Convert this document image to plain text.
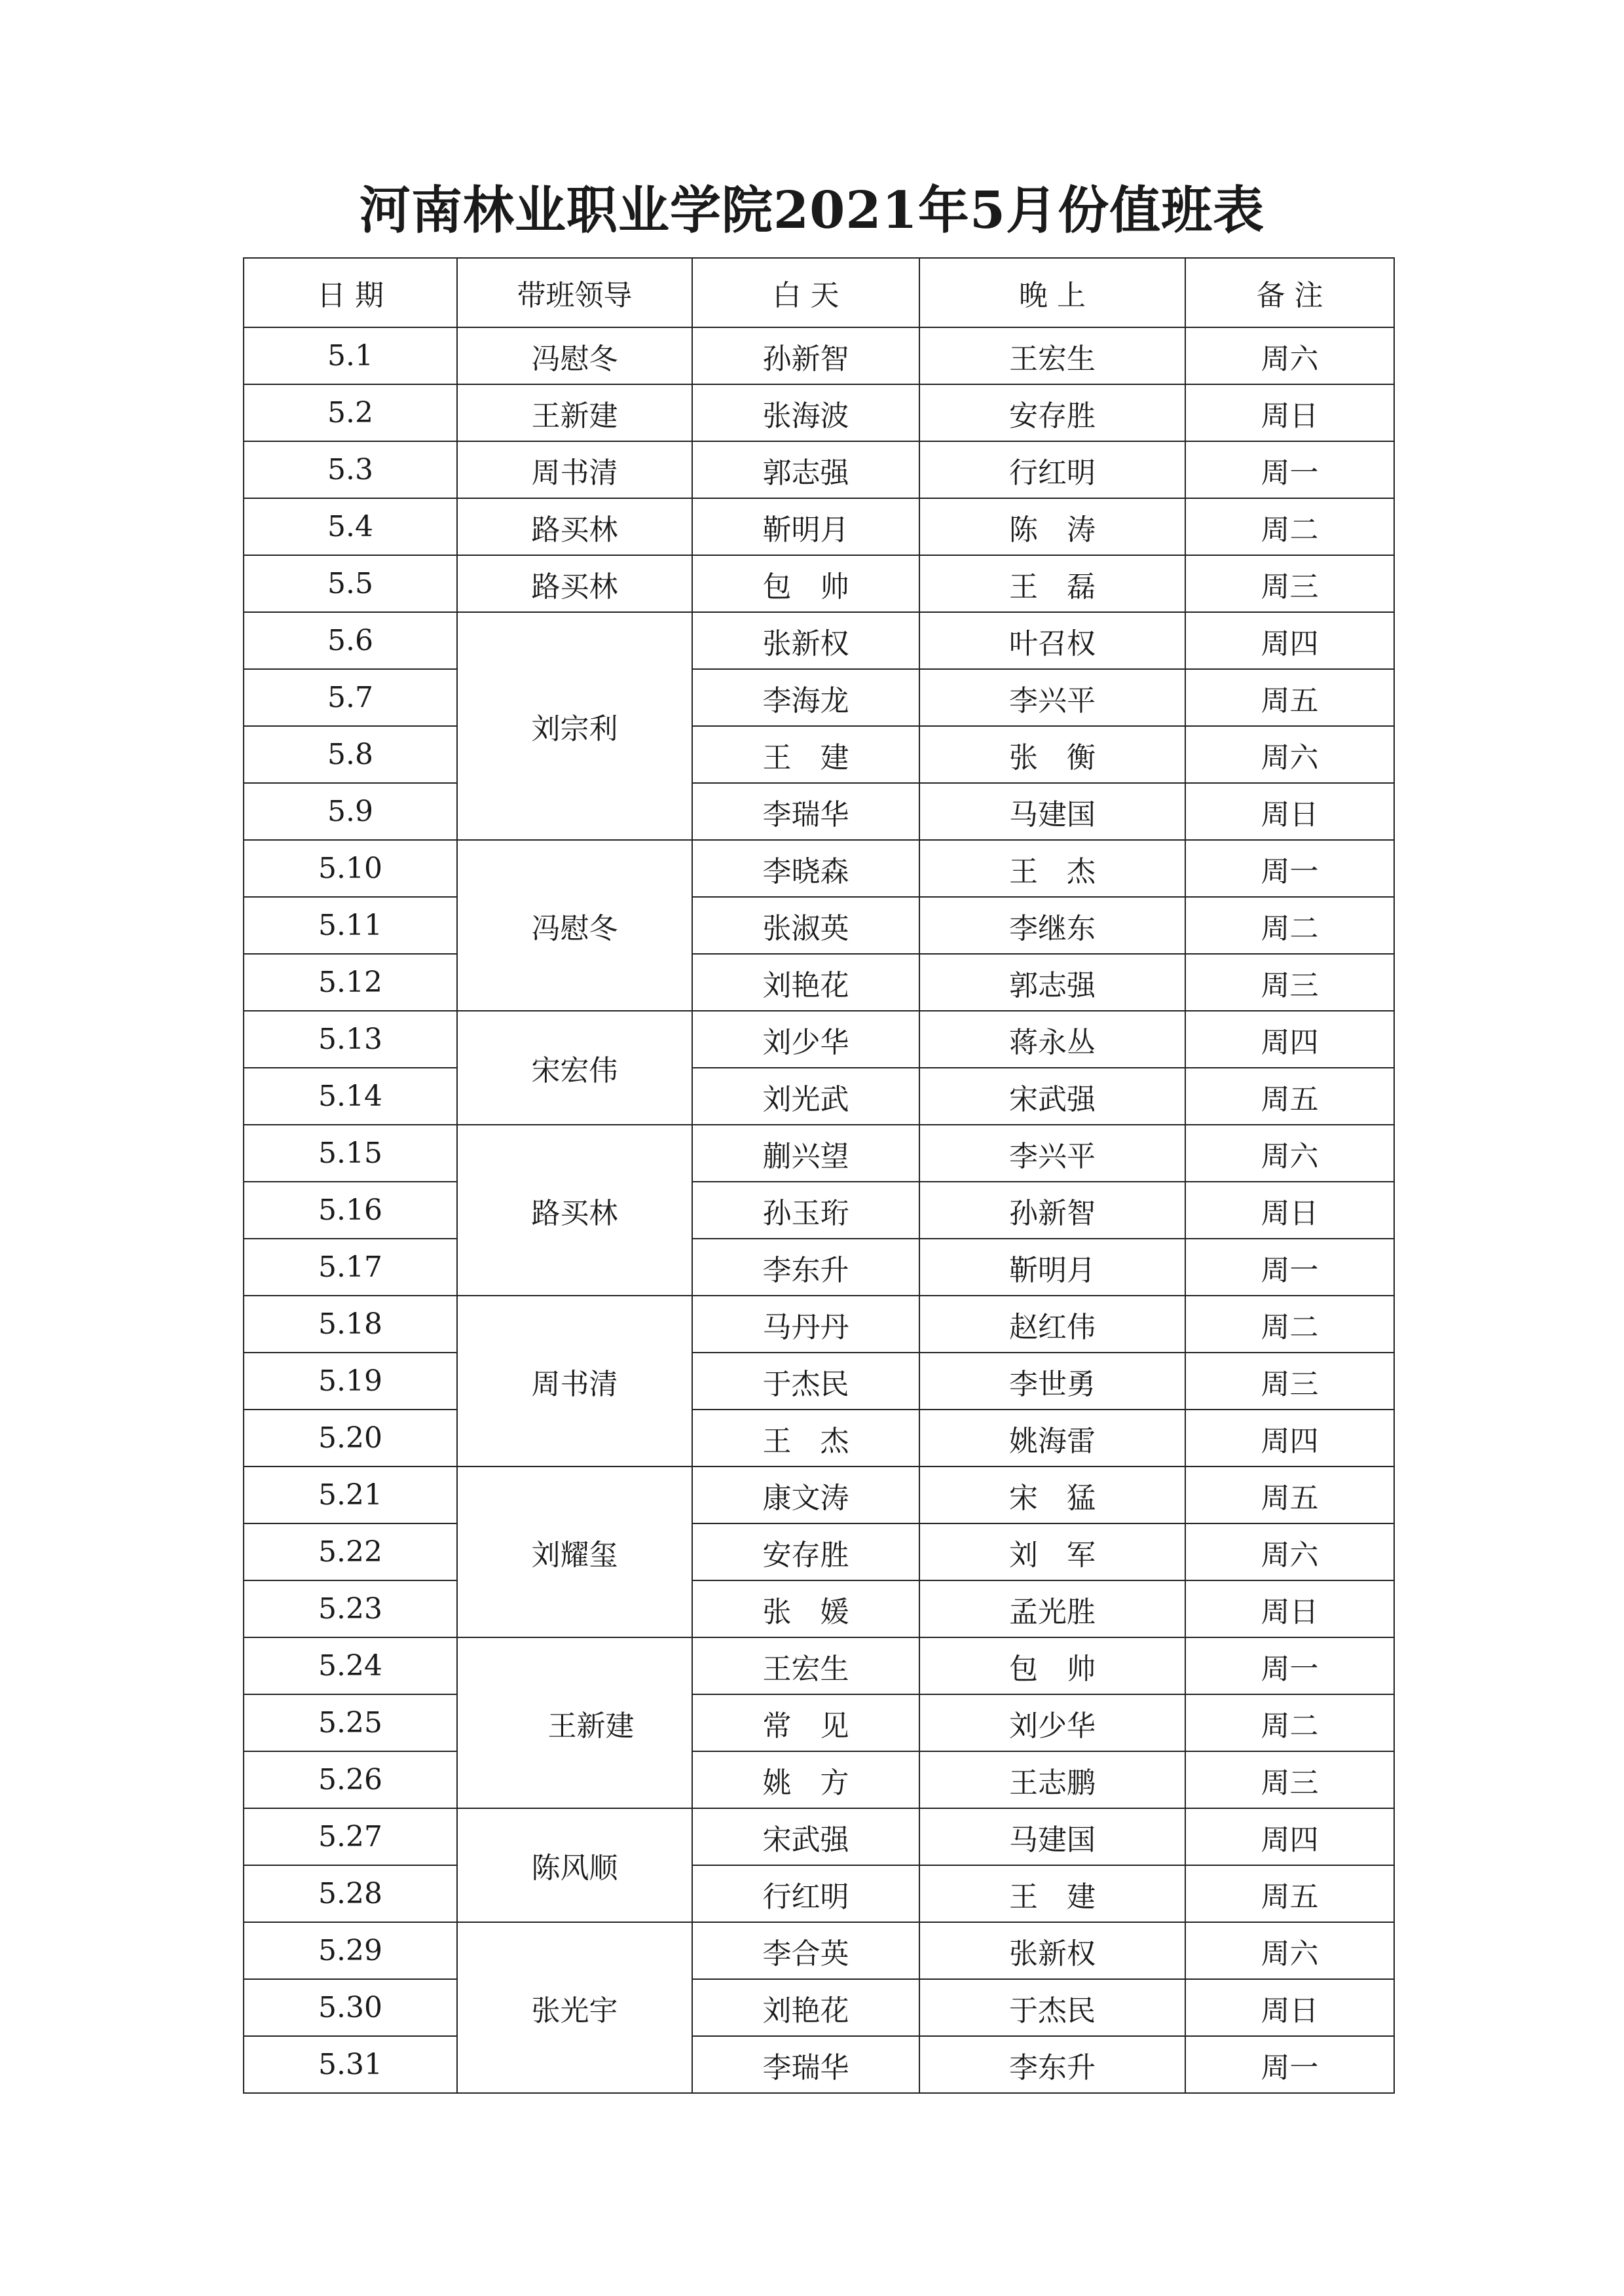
河南林业职业学院2021年5月份值班表
日 期	带班领导	白 天	晚 上	备 注
5.1	冯慰冬	孙新智	王宏生	周六
5.2	王新建	张海波	安存胜	周日
5.3	周书清	郭志强	行红明	周一
5.4	路买林	靳明月	陈　涛	周二
5.5	路买林	包　帅	王　磊	周三
5.6	刘宗利	张新权	叶召权	周四
5.7		李海龙	李兴平	周五
5.8		王　建	张　衡	周六
5.9		李瑞华	马建国	周日
5.10	冯慰冬	李晓森	王　杰	周一
5.11		张淑英	李继东	周二
5.12		刘艳花	郭志强	周三
5.13	宋宏伟	刘少华	蒋永丛	周四
5.14		刘光武	宋武强	周五
5.15	路买林	蒯兴望	李兴平	周六
5.16		孙玉珩	孙新智	周日
5.17		李东升	靳明月	周一
5.18	周书清	马丹丹	赵红伟	周二
5.19		于杰民	李世勇	周三
5.20		王　杰	姚海雷	周四
5.21	刘耀玺	康文涛	宋　猛	周五
5.22		安存胜	刘　军	周六
5.23		张　媛	孟光胜	周日
5.24	王新建	王宏生	包　帅	周一
5.25		常　见	刘少华	周二
5.26		姚　方	王志鹏	周三
5.27	陈风顺	宋武强	马建国	周四
5.28		行红明	王　建	周五
5.29	张光宇	李合英	张新权	周六
5.30		刘艳花	于杰民	周日
5.31		李瑞华	李东升	周一
